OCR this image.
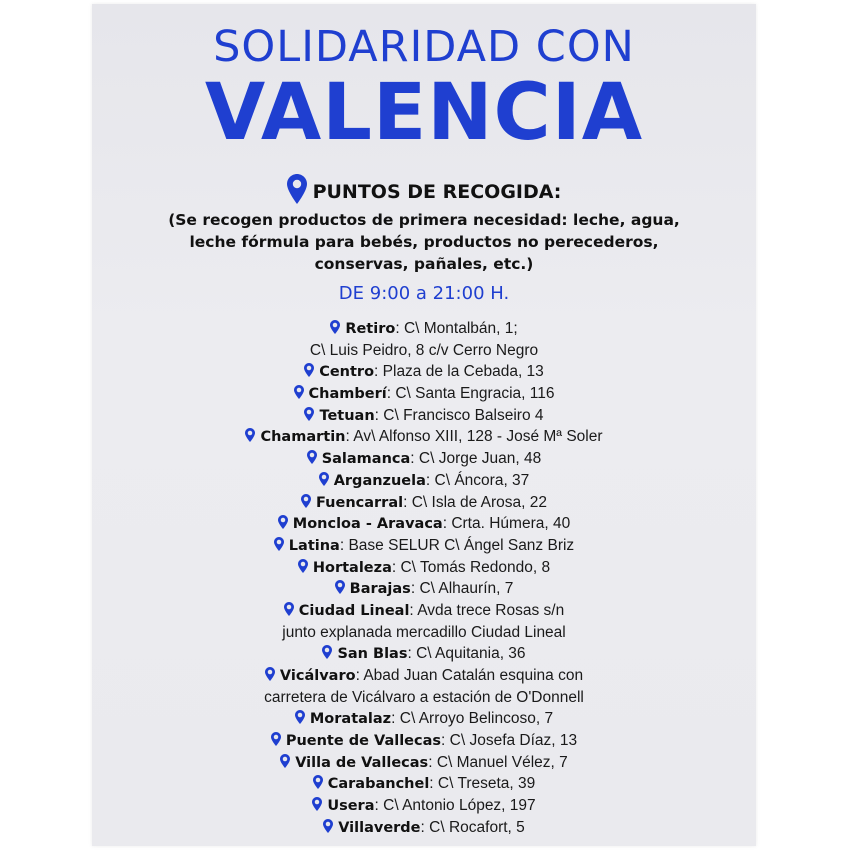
SOLIDARIDAD CON
VALENCIA
PUNTOS DE RECOGIDA:
(Se recogen productos de primera necesidad: leche, agua, leche fórmula para bebés, productos no perecederos, conservas, pañales, etc.)
DE 9:00 a 21:00 H.
Retiro: C\ Montalbán, 1;
C\ Luis Peidro, 8 c/v Cerro Negro
Centro: Plaza de la Cebada, 13
Chamberí: C\ Santa Engracia, 116
Tetuan: C\ Francisco Balseiro 4
Chamartin: Av\ Alfonso XIII, 128 - José Mª Soler
Salamanca: C\ Jorge Juan, 48
Arganzuela: C\ Áncora, 37
Fuencarral: C\ Isla de Arosa, 22
Moncloa - Aravaca: Crta. Húmera, 40
Latina: Base SELUR C\ Ángel Sanz Briz
Hortaleza: C\ Tomás Redondo, 8
Barajas: C\ Alhaurín, 7
Ciudad Lineal: Avda trece Rosas s/n
junto explanada mercadillo Ciudad Lineal
San Blas: C\ Aquitania, 36
Vicálvaro: Abad Juan Catalán esquina con
carretera de Vicálvaro a estación de O'Donnell
Moratalaz: C\ Arroyo Belincoso, 7
Puente de Vallecas: C\ Josefa Díaz, 13
Villa de Vallecas: C\ Manuel Vélez, 7
Carabanchel: C\ Treseta, 39
Usera: C\ Antonio López, 197
Villaverde: C\ Rocafort, 5
